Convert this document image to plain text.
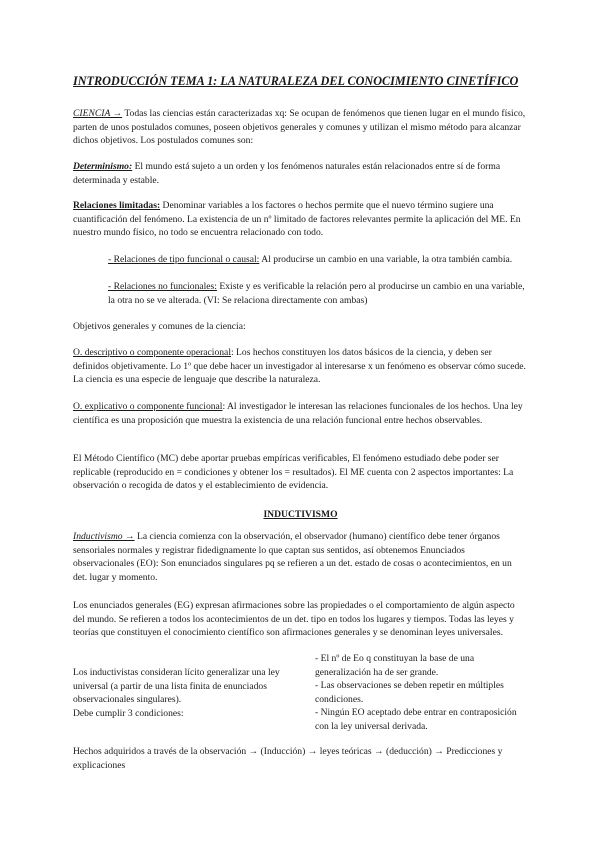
INTRODUCCIÓN TEMA 1: LA NATURALEZA DEL CONOCIMIENTO CINETÍFICO

CIENCIA → Todas las ciencias están caracterizadas xq: Se ocupan de fenómenos que tienen lugar en el mundo físico, parten de unos postulados comunes, poseen objetivos generales y comunes y utilizan el mismo método para alcanzar dichos objetivos. Los postulados comunes son:

Determinismo: El mundo está sujeto a un orden y los fenómenos naturales están relacionados entre sí de forma determinada y estable.

Relaciones limitadas: Denominar variables a los factores o hechos permite que el nuevo término sugiere una cuantificación del fenómeno. La existencia de un nº limitado de factores relevantes permite la aplicación del ME. En nuestro mundo físico, no todo se encuentra relacionado con todo.

- Relaciones de tipo funcional o causal: Al producirse un cambio en una variable, la otra también cambia.

- Relaciones no funcionales: Existe y es verificable la relación pero al producirse un cambio en una variable, la otra no se ve alterada. (VI: Se relaciona directamente con ambas)

Objetivos generales y comunes de la ciencia:

O. descriptivo o componente operacional: Los hechos constituyen los datos básicos de la ciencia, y deben ser definidos objetivamente. Lo 1º que debe hacer un investigador al interesarse x un fenómeno es observar cómo sucede. La ciencia es una especie de lenguaje que describe la naturaleza.

O. explicativo o componente funcional: Al investigador le interesan las relaciones funcionales de los hechos. Una ley científica es una proposición que muestra la existencia de una relación funcional entre hechos observables.

El Método Científico (MC) debe aportar pruebas empíricas verificables, El fenómeno estudiado debe poder ser replicable (reproducido en = condiciones y obtener los = resultados). El ME cuenta con 2 aspectos importantes: La observación o recogida de datos y el establecimiento de evidencia.

INDUCTIVISMO

Inductivismo → La ciencia comienza con la observación, el observador (humano) científico debe tener órganos sensoriales normales y registrar fidedignamente lo que captan sus sentidos, así obtenemos Enunciados observacionales (EO): Son enunciados singulares pq se refieren a un det. estado de cosas o acontecimientos, en un det. lugar y momento.

Los enunciados generales (EG) expresan afirmaciones sobre las propiedades o el comportamiento de algún aspecto del mundo. Se refieren a todos los acontecimientos de un det. tipo en todos los lugares y tiempos. Todas las leyes y teorías que constituyen el conocimiento científico son afirmaciones generales y se denominan leyes universales.

Los inductivistas consideran lícito generalizar una ley universal (a partir de una lista finita de enunciados observacionales singulares).
Debe cumplir 3 condiciones:

- El nº de Eo q constituyan la base de una generalización ha de ser grande.

- Las observaciones se deben repetir en múltiples condiciones.

- Ningún EO aceptado debe entrar en contraposición con la ley universal derivada.

Hechos adquiridos a través de la observación → (Inducción) → leyes teóricas → (deducción) → Predicciones y explicaciones
